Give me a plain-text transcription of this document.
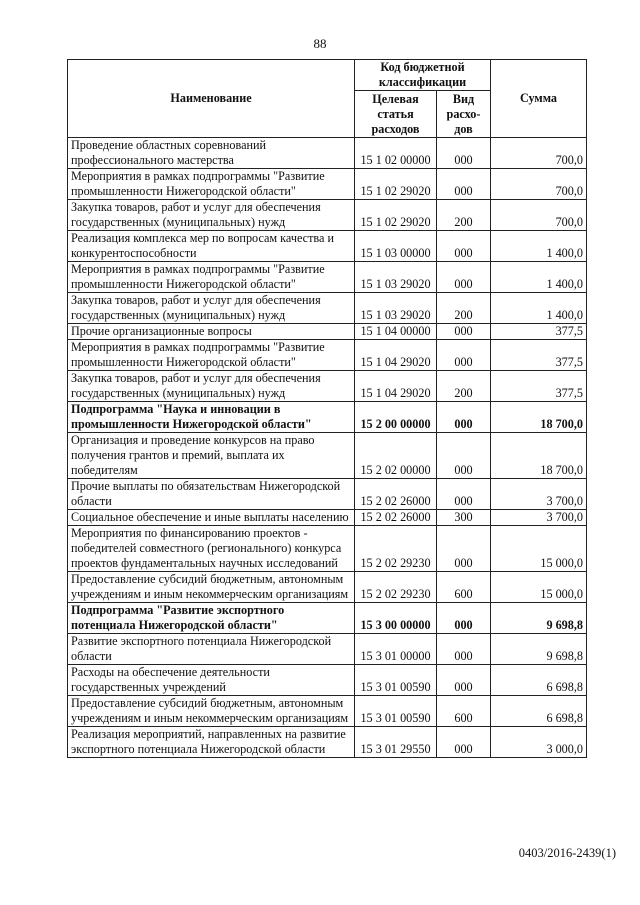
88
Наименование	Код бюджетной классификации		Сумма
	Целевая статья расходов	Вид расхо-дов	
Проведение областных соревнований профессионального мастерства	15 1 02 00000	000	700,0
Мероприятия в рамках подпрограммы "Развитие промышленности Нижегородской области"	15 1 02 29020	000	700,0
Закупка товаров, работ и услуг для обеспечения государственных (муниципальных) нужд	15 1 02 29020	200	700,0
Реализация комплекса мер по вопросам качества и конкурентоспособности	15 1 03 00000	000	1 400,0
Мероприятия в рамках подпрограммы "Развитие промышленности Нижегородской области"	15 1 03 29020	000	1 400,0
Закупка товаров, работ и услуг для обеспечения государственных (муниципальных) нужд	15 1 03 29020	200	1 400,0
Прочие организационные вопросы	15 1 04 00000	000	377,5
Мероприятия в рамках подпрограммы "Развитие промышленности Нижегородской области"	15 1 04 29020	000	377,5
Закупка товаров, работ и услуг для обеспечения государственных (муниципальных) нужд	15 1 04 29020	200	377,5
Подпрограмма "Наука и инновации в промышленности Нижегородской области"	15 2 00 00000	000	18 700,0
Организация и проведение конкурсов на право получения грантов и премий, выплата их победителям	15 2 02 00000	000	18 700,0
Прочие выплаты по обязательствам Нижегородской области	15 2 02 26000	000	3 700,0
Социальное обеспечение и иные выплаты населению	15 2 02 26000	300	3 700,0
Мероприятия по финансированию проектов - победителей совместного (регионального) конкурса проектов фундаментальных научных исследований	15 2 02 29230	000	15 000,0
Предоставление субсидий бюджетным, автономным учреждениям и иным некоммерческим организациям	15 2 02 29230	600	15 000,0
Подпрограмма "Развитие экспортного потенциала Нижегородской области"	15 3 00 00000	000	9 698,8
Развитие экспортного потенциала Нижегородской области	15 3 01 00000	000	9 698,8
Расходы на обеспечение деятельности государственных учреждений	15 3 01 00590	000	6 698,8
Предоставление субсидий бюджетным, автономным учреждениям и иным некоммерческим организациям	15 3 01 00590	600	6 698,8
Реализация мероприятий, направленных на развитие экспортного потенциала Нижегородской области	15 3 01 29550	000	3 000,0
0403/2016-2439(1)
